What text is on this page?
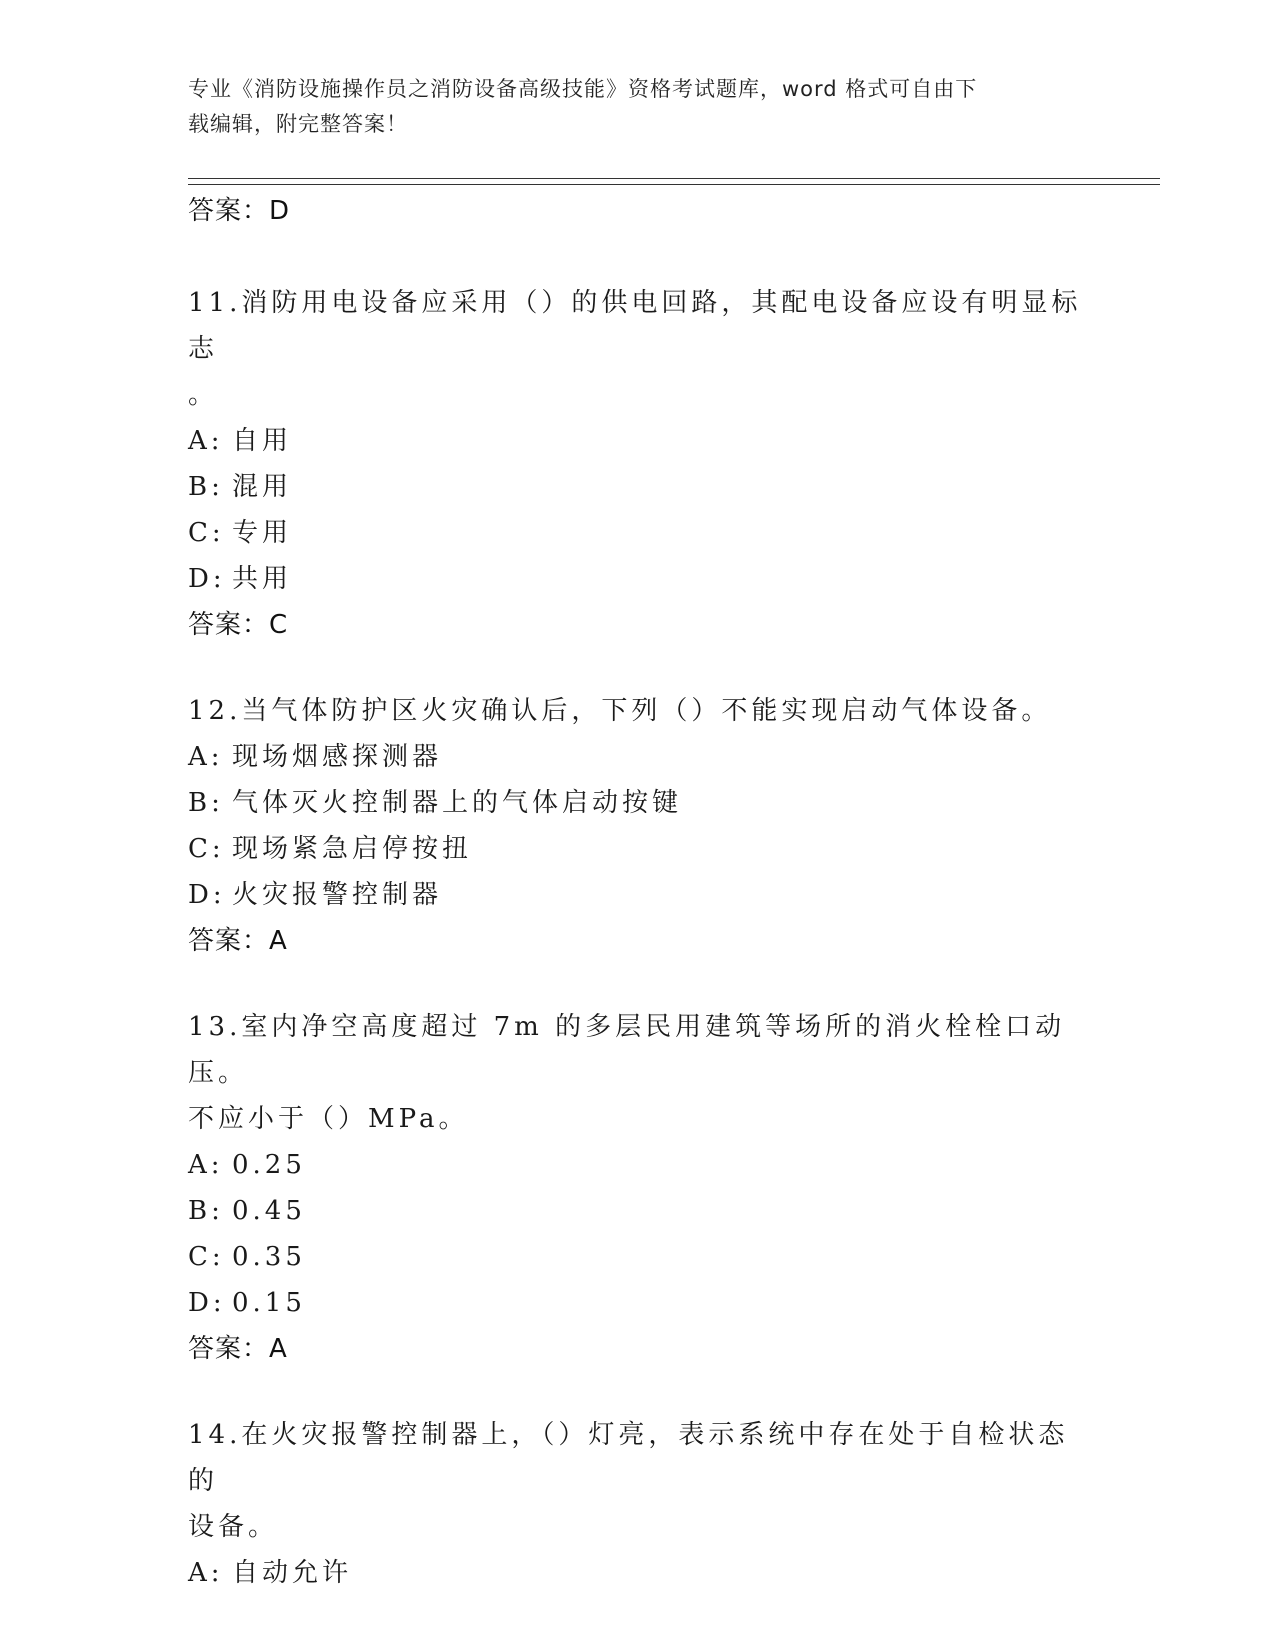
专业《消防设施操作员之消防设备高级技能》资格考试题库，word 格式可自由下
载编辑，附完整答案！
答案：D
11.消防用电设备应采用（）的供电回路，其配电设备应设有明显标志
。
A: 自用
B: 混用
C: 专用
D: 共用
答案：C
12.当气体防护区火灾确认后，下列（）不能实现启动气体设备。
A: 现场烟感探测器
B: 气体灭火控制器上的气体启动按键
C: 现场紧急启停按扭
D: 火灾报警控制器
答案：A
13.室内净空高度超过 7m 的多层民用建筑等场所的消火栓栓口动压。
不应小于（）MPa。
A: 0.25
B: 0.45
C: 0.35
D: 0.15
答案：A
14.在火灾报警控制器上，（）灯亮，表示系统中存在处于自检状态的
设备。
A: 自动允许
